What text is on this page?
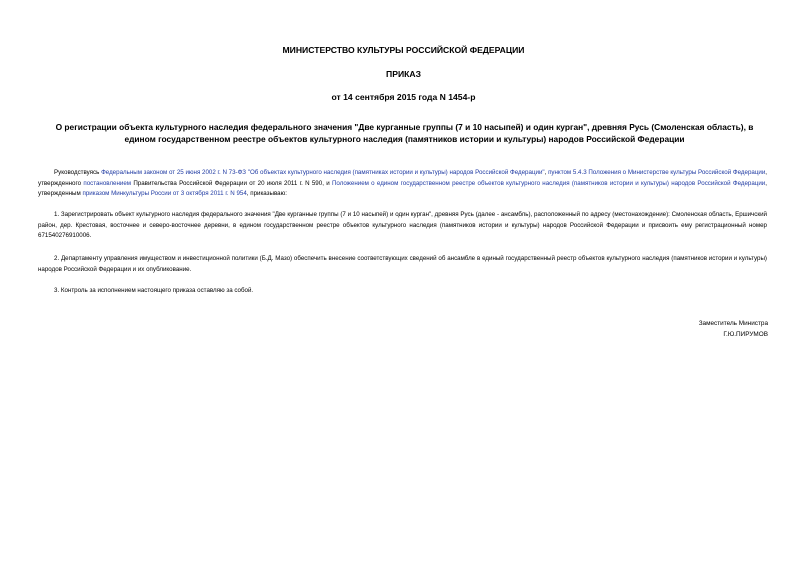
МИНИСТЕРСТВО КУЛЬТУРЫ РОССИЙСКОЙ ФЕДЕРАЦИИ
ПРИКАЗ
от 14 сентября 2015 года N 1454-р
О регистрации объекта культурного наследия федерального значения "Две курганные группы (7 и 10 насыпей) и один курган", древняя Русь (Смоленская область), в едином государственном реестре объектов культурного наследия (памятников истории и культуры) народов Российской Федерации
Руководствуясь Федеральным законом от 25 июня 2002 г. N 73-ФЗ "Об объектах культурного наследия (памятниках истории и культуры) народов Российской Федерации", пунктом 5.4.3 Положения о Министерстве культуры Российской Федерации, утвержденного постановлением Правительства Российской Федерации от 20 июля 2011 г. N 590, и Положением о едином государственном реестре объектов культурного наследия (памятников истории и культуры) народов Российской Федерации, утвержденным приказом Минкультуры России от 3 октября 2011 г. N 954, приказываю:
1. Зарегистрировать объект культурного наследия федерального значения "Две курганные группы (7 и 10 насыпей) и один курган", древняя Русь (далее - ансамбль), расположенный по адресу (местонахождение): Смоленская область, Ершичский район, дер. Крестовая, восточнее и северо-восточнее деревни, в едином государственном реестре объектов культурного наследия (памятников истории и культуры) народов Российской Федерации и присвоить ему регистрационный номер 671540276910006.
2. Департаменту управления имуществом и инвестиционной политики (Б.Д. Мазо) обеспечить внесение соответствующих сведений об ансамбле в единый государственный реестр объектов культурного наследия (памятников истории и культуры) народов Российской Федерации и их опубликование.
3. Контроль за исполнением настоящего приказа оставляю за собой.
Заместитель Министра
Г.Ю.ПИРУМОВ
